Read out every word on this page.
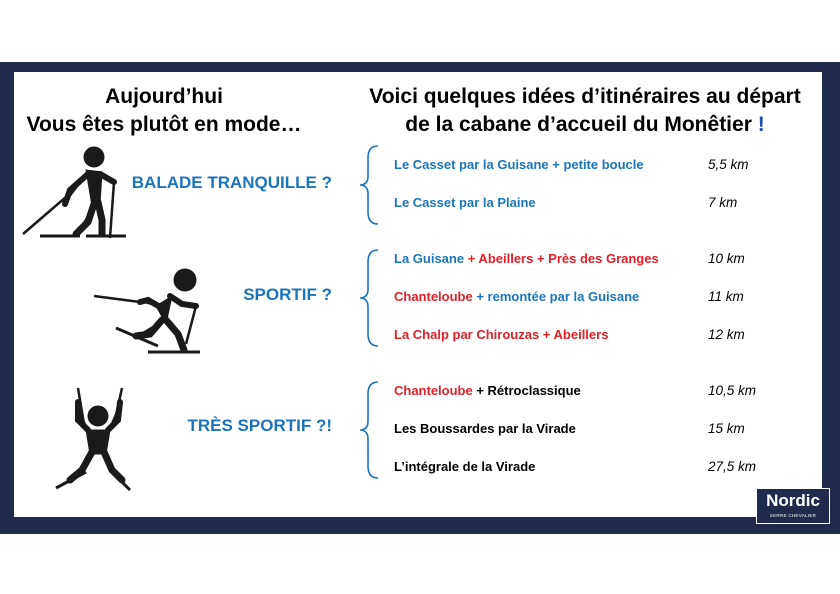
Aujourd’hui
Vous êtes plutôt en mode…
Voici quelques idées d’itinéraires au départ
de la cabane d’accueil du Monêtier !
BALADE TRANQUILLE ?
SPORTIF ?
TRÈS SPORTIF ?!
Le Casset par la Guisane + petite boucle	5,5 km
Le Casset par la Plaine	7 km
La Guisane + Abeillers + Près des Granges	10 km
Chanteloube + remontée par la Guisane	11 km
La Chalp par Chirouzas + Abeillers	12 km
Chanteloube + Rétroclassique	10,5 km
Les Boussardes par la Virade	15 km
L’intégrale de la Virade	27,5 km
Nordic
SERRE CHEVALIER
